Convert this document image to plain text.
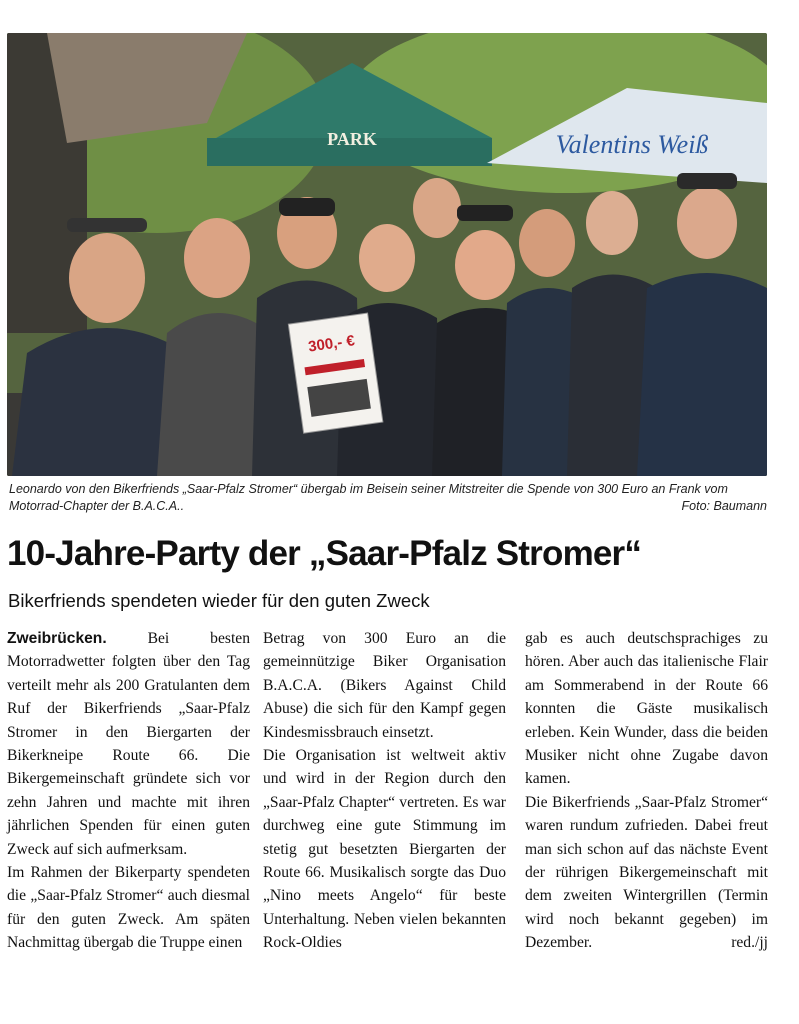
PARK	Valentins Weiß
300,- €
Leonardo von den Bikerfriends „Saar-Pfalz Stromer“ übergab im Beisein seiner Mitstreiter die Spende von 300 Euro an Frank vom Motorrad-Chapter der B.A.C.A..	Foto: Baumann
10-Jahre-Party der „Saar-Pfalz Stromer“
Bikerfriends spendeten wieder für den guten Zweck

Zweibrücken. Bei besten Motorradwetter folgten über den Tag verteilt mehr als 200 Gratulanten dem Ruf der Bikerfriends „Saar-Pfalz Stromer in den Biergarten der Bikerkneipe Route 66. Die Bikergemeinschaft gründete sich vor zehn Jahren und machte mit ihren jährlichen Spenden für einen guten Zweck auf sich aufmerksam.

Im Rahmen der Bikerparty spendeten die „Saar-Pfalz Stromer“ auch diesmal für den guten Zweck. Am späten Nachmittag übergab die Truppe einen

Betrag von 300 Euro an die gemeinnützige Biker Organisation B.A.C.A. (Bikers Against Child Abuse) die sich für den Kampf gegen Kindesmissbrauch einsetzt.

Die Organisation ist weltweit aktiv und wird in der Region durch den „Saar-Pfalz Chapter“ vertreten. Es war durchweg eine gute Stimmung im stetig gut besetzten Biergarten der Route 66. Musikalisch sorgte das Duo „Nino meets Angelo“ für beste Unterhaltung. Neben vielen bekannten Rock-Oldies

gab es auch deutschsprachiges zu hören. Aber auch das italienische Flair am Sommerabend in der Route 66 konnten die Gäste musikalisch erleben. Kein Wunder, dass die beiden Musiker nicht ohne Zugabe davon kamen.

Die Bikerfriends „Saar-Pfalz Stromer“ waren rundum zufrieden. Dabei freut man sich schon auf das nächste Event der rührigen Bikergemeinschaft mit dem zweiten Wintergrillen (Termin wird noch bekannt gegeben) im Dezember.	red./jj
